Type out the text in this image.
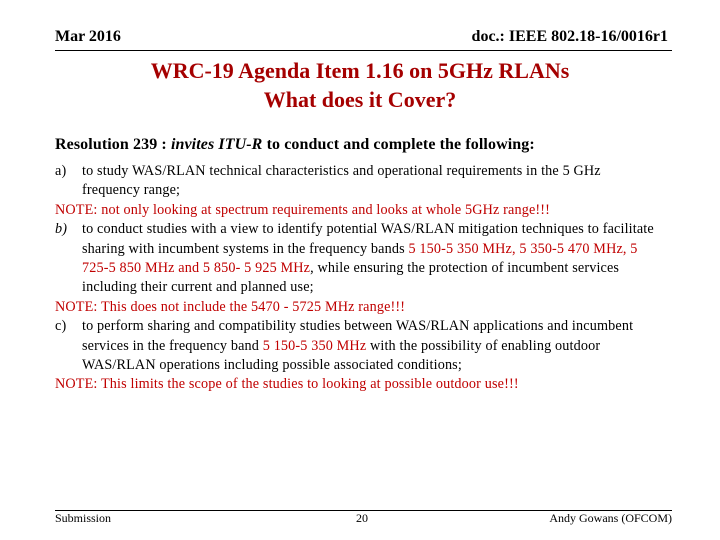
Mar 2016	doc.: IEEE 802.18-16/0016r1
WRC-19 Agenda Item 1.16 on 5GHz RLANs
What does it Cover?
Resolution 239 : invites ITU‑R to conduct and complete the following:
a) to study WAS/RLAN technical characteristics and operational requirements in the 5 GHz frequency range;
NOTE: not only looking at spectrum requirements and looks at whole 5GHz range!!!
b) to conduct studies with a view to identify potential WAS/RLAN mitigation techniques to facilitate sharing with incumbent systems in the frequency bands 5 150-5 350 MHz, 5 350-5 470 MHz, 5 725-5 850 MHz and 5 850- 5 925 MHz, while ensuring the protection of incumbent services including their current and planned use;
NOTE: This does not include the 5470 - 5725 MHz range!!!
c) to perform sharing and compatibility studies between WAS/RLAN applications and incumbent services in the frequency band 5 150-5 350 MHz with the possibility of enabling outdoor WAS/RLAN operations including possible associated conditions;
NOTE: This limits the scope of the studies to looking at possible outdoor use!!!
Submission	20	Andy Gowans (OFCOM)
